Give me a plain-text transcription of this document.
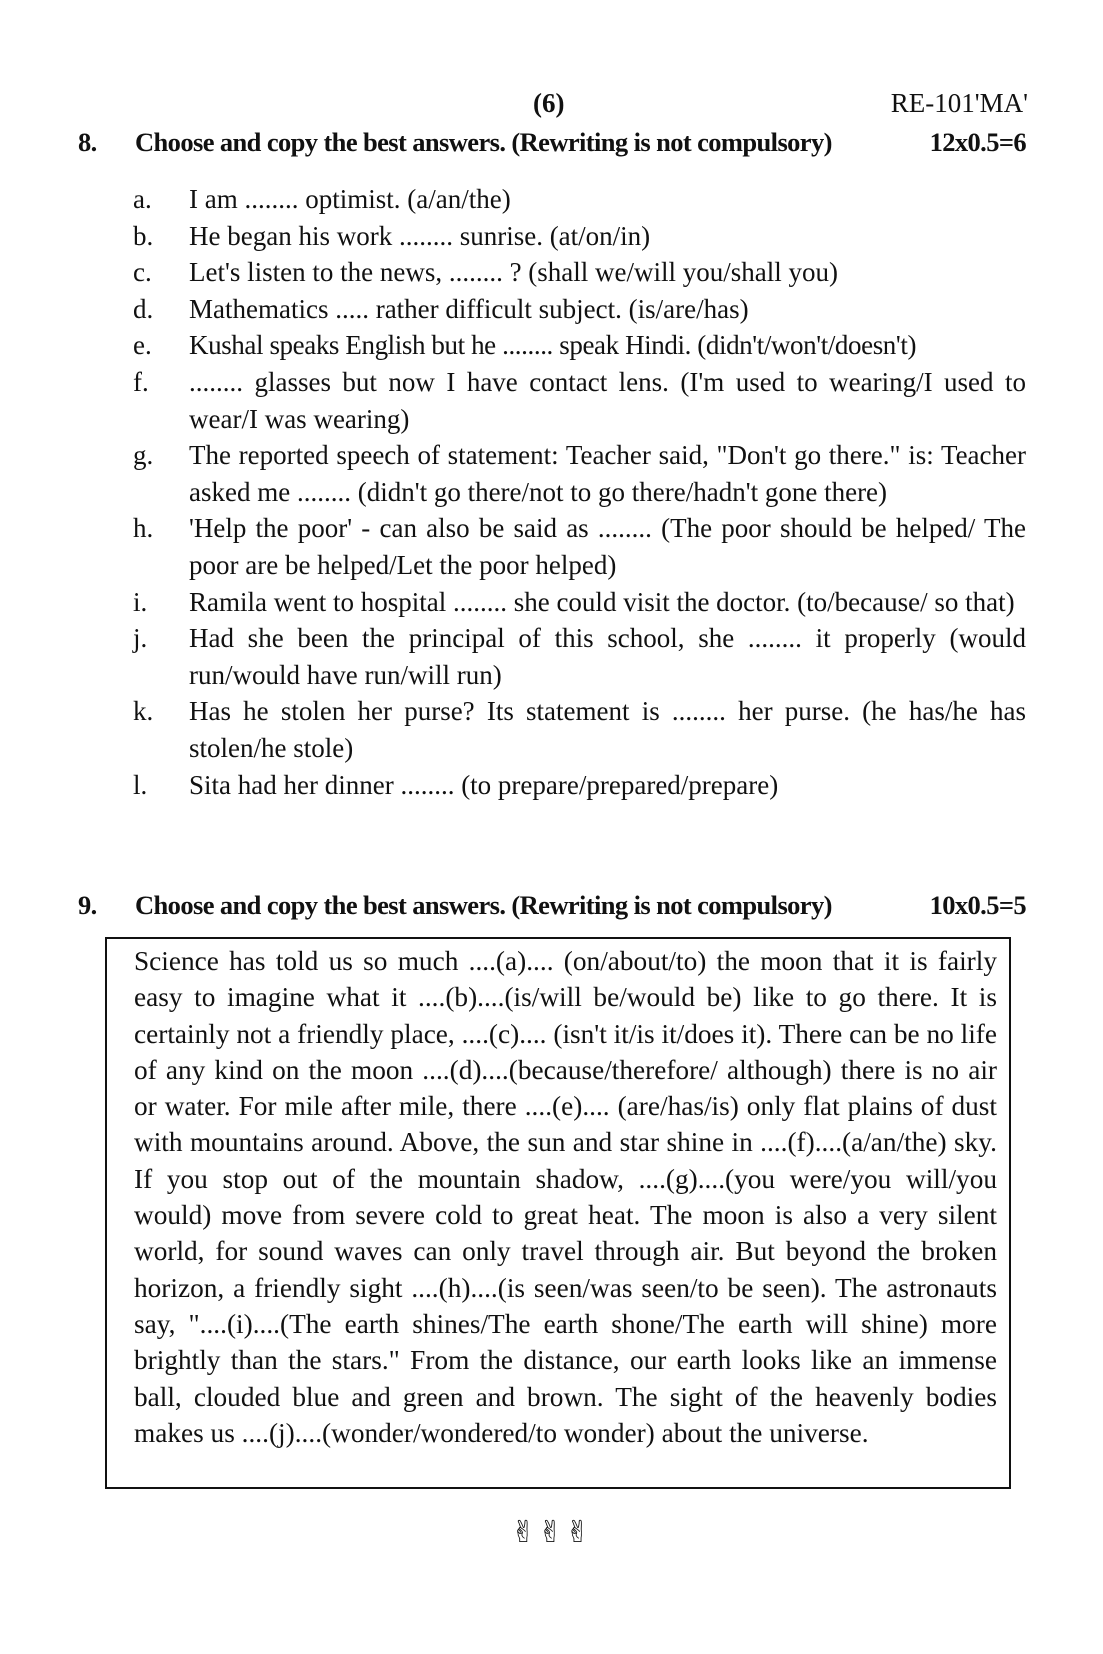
(6)	RE-101'MA'
8. Choose and copy the best answers. (Rewriting is not compulsory)	12x0.5=6
a. I am ........ optimist. (a/an/the)
b. He began his work ........ sunrise. (at/on/in)
c. Let's listen to the news, ........ ? (shall we/will you/shall you)
d. Mathematics ..... rather difficult subject. (is/are/has)
e. Kushal speaks English but he ........ speak Hindi. (didn't/won't/doesn't)
f. ........ glasses but now I have contact lens. (I'm used to wearing/I used to wear/I was wearing)
g. The reported speech of statement: Teacher said, "Don't go there." is: Teacher asked me ........ (didn't go there/not to go there/hadn't gone there)
h. 'Help the poor' - can also be said as ........ (The poor should be helped/ The poor are be helped/Let the poor helped)
i. Ramila went to hospital ........ she could visit the doctor. (to/because/ so that)
j. Had she been the principal of this school, she ........ it properly (would run/would have run/will run)
k. Has he stolen her purse? Its statement is ........ her purse. (he has/he has stolen/he stole)
l. Sita had her dinner ........ (to prepare/prepared/prepare)
9. Choose and copy the best answers. (Rewriting is not compulsory)	10x0.5=5

Science has told us so much ....(a).... (on/about/to) the moon that it is fairly easy to imagine what it ....(b)....(is/will be/would be) like to go there. It is certainly not a friendly place, ....(c).... (isn't it/is it/does it). There can be no life of any kind on the moon ....(d)....(because/therefore/ although) there is no air or water. For mile after mile, there ....(e).... (are/has/is) only flat plains of dust with mountains around. Above, the sun and star shine in ....(f)....(a/an/the) sky. If you stop out of the mountain shadow, ....(g)....(you were/you will/you would) move from severe cold to great heat. The moon is also a very silent world, for sound waves can only travel through air. But beyond the broken horizon, a friendly sight ....(h)....(is seen/was seen/to be seen). The astronauts say, "....(i)....(The earth shines/The earth shone/The earth will shine) more brightly than the stars." From the distance, our earth looks like an immense ball, clouded blue and green and brown. The sight of the heavenly bodies makes us ....(j)....(wonder/wondered/to wonder) about the universe.

✌✌✌
